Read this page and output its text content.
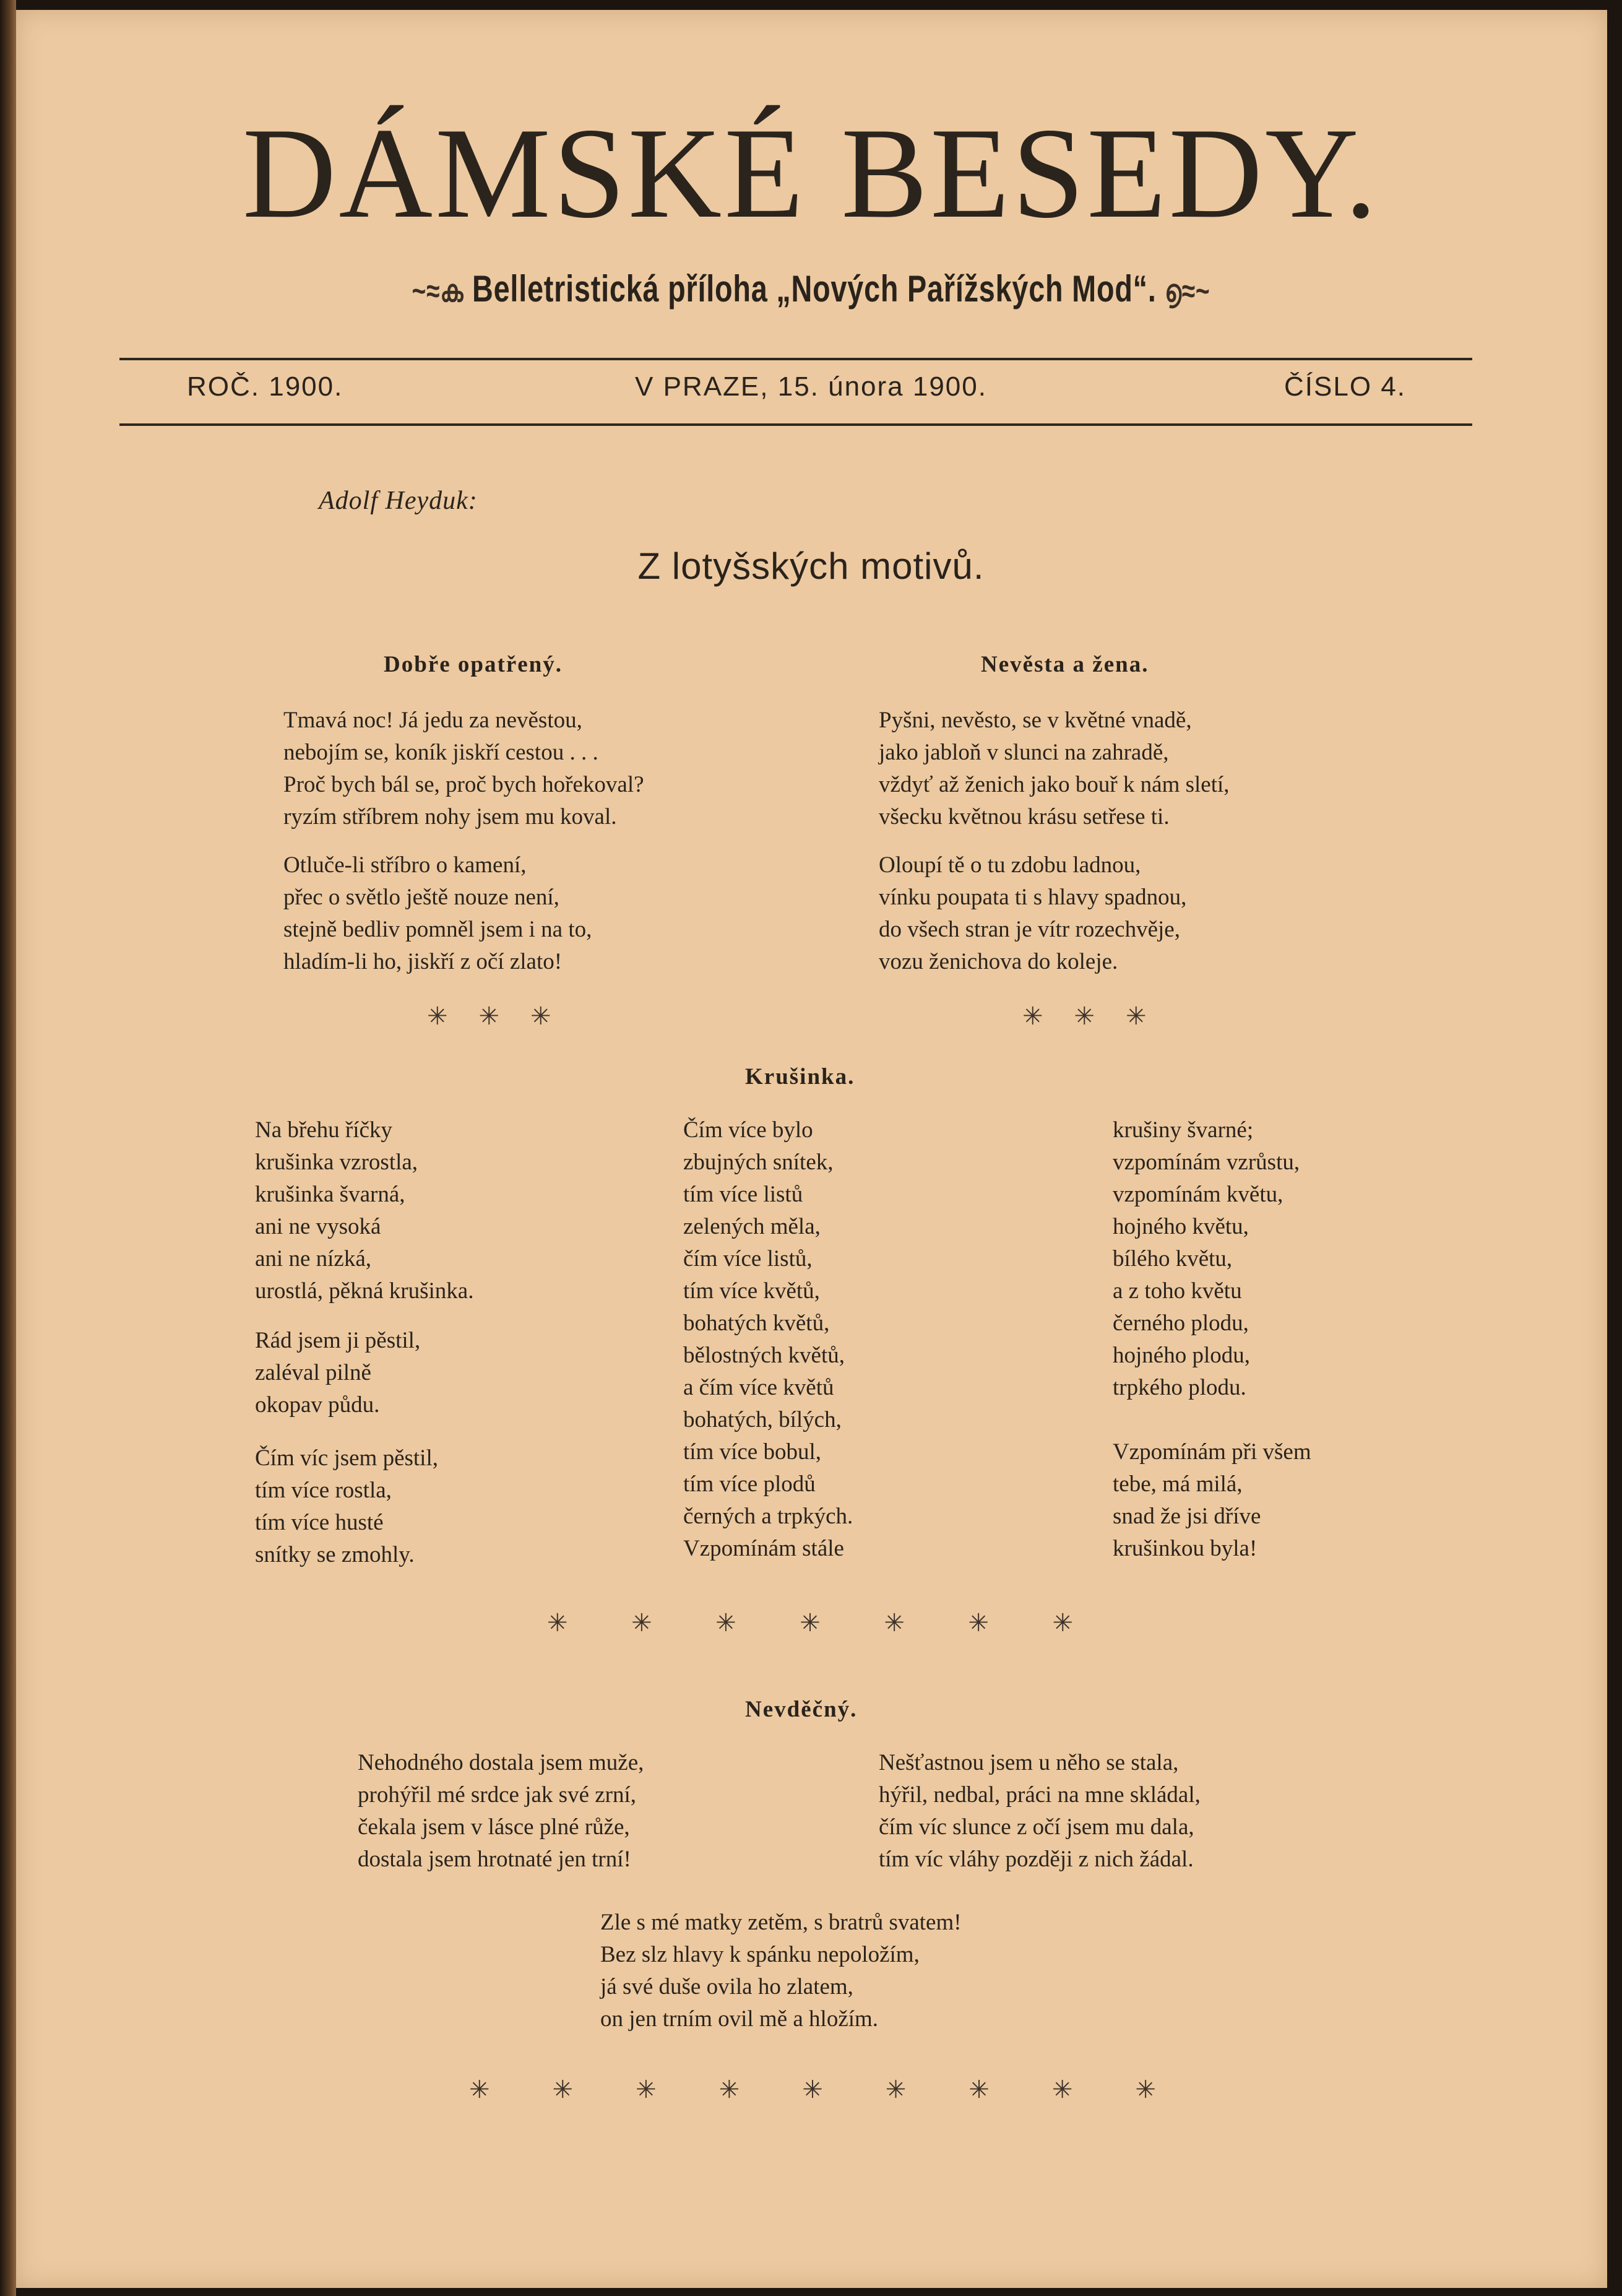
DÁMSKÉ BESEDY.
~≈ക Belletristická příloha „Nových Pařížských Mod“. ൭≈~
ROČ. 1900.	V PRAZE, 15. února 1900.	ČÍSLO 4.
Adolf Heyduk:
Z lotyšských motivů.
Dobře opatřený.
Tmavá noc! Já jedu za nevěstou,
nebojím se, koník jiskří cestou . . .
Proč bych bál se, proč bych hořekoval?
ryzím stříbrem nohy jsem mu koval.
Otluče-li stříbro o kamení,
přec o světlo ještě nouze není,
stejně bedliv pomněl jsem i na to,
hladím-li ho, jiskří z očí zlato!
✳ ✳ ✳
Nevěsta a žena.
Pyšni, nevěsto, se v květné vnadě,
jako jabloň v slunci na zahradě,
vždyť až ženich jako bouř k nám sletí,
všecku květnou krásu setřese ti.
Oloupí tě o tu zdobu ladnou,
vínku poupata ti s hlavy spadnou,
do všech stran je vítr rozechvěje,
vozu ženichova do koleje.
✳ ✳ ✳
Krušinka.
Na břehu říčky
krušinka vzrostla,
krušinka švarná,
ani ne vysoká
ani ne nízká,
urostlá, pěkná krušinka.
Rád jsem ji pěstil,
zaléval pilně
okopav půdu.
Čím víc jsem pěstil,
tím více rostla,
tím více husté
snítky se zmohly.
Čím více bylo
zbujných snítek,
tím více listů
zelených měla,
čím více listů,
tím více květů,
bohatých květů,
bělostných květů,
a čím více květů
bohatých, bílých,
tím více bobul,
tím více plodů
černých a trpkých.
Vzpomínám stále
krušiny švarné;
vzpomínám vzrůstu,
vzpomínám květu,
hojného květu,
bílého květu,
a z toho květu
černého plodu,
hojného plodu,
trpkého plodu.
Vzpomínám při všem
tebe, má milá,
snad že jsi dříve
krušinkou byla!
✳	✳	✳	✳	✳	✳	✳
Nevděčný.
Nehodného dostala jsem muže,
prohýřil mé srdce jak své zrní,
čekala jsem v lásce plné růže,
dostala jsem hrotnaté jen trní!
Nešťastnou jsem u něho se stala,
hýřil, nedbal, práci na mne skládal,
čím víc slunce z očí jsem mu dala,
tím víc vláhy později z nich žádal.
Zle s mé matky zetěm, s bratrů svatem!
Bez slz hlavy k spánku nepoložím,
já své duše ovila ho zlatem,
on jen trním ovil mě a hložím.
✳	✳	✳	✳	✳	✳	✳	✳	✳
